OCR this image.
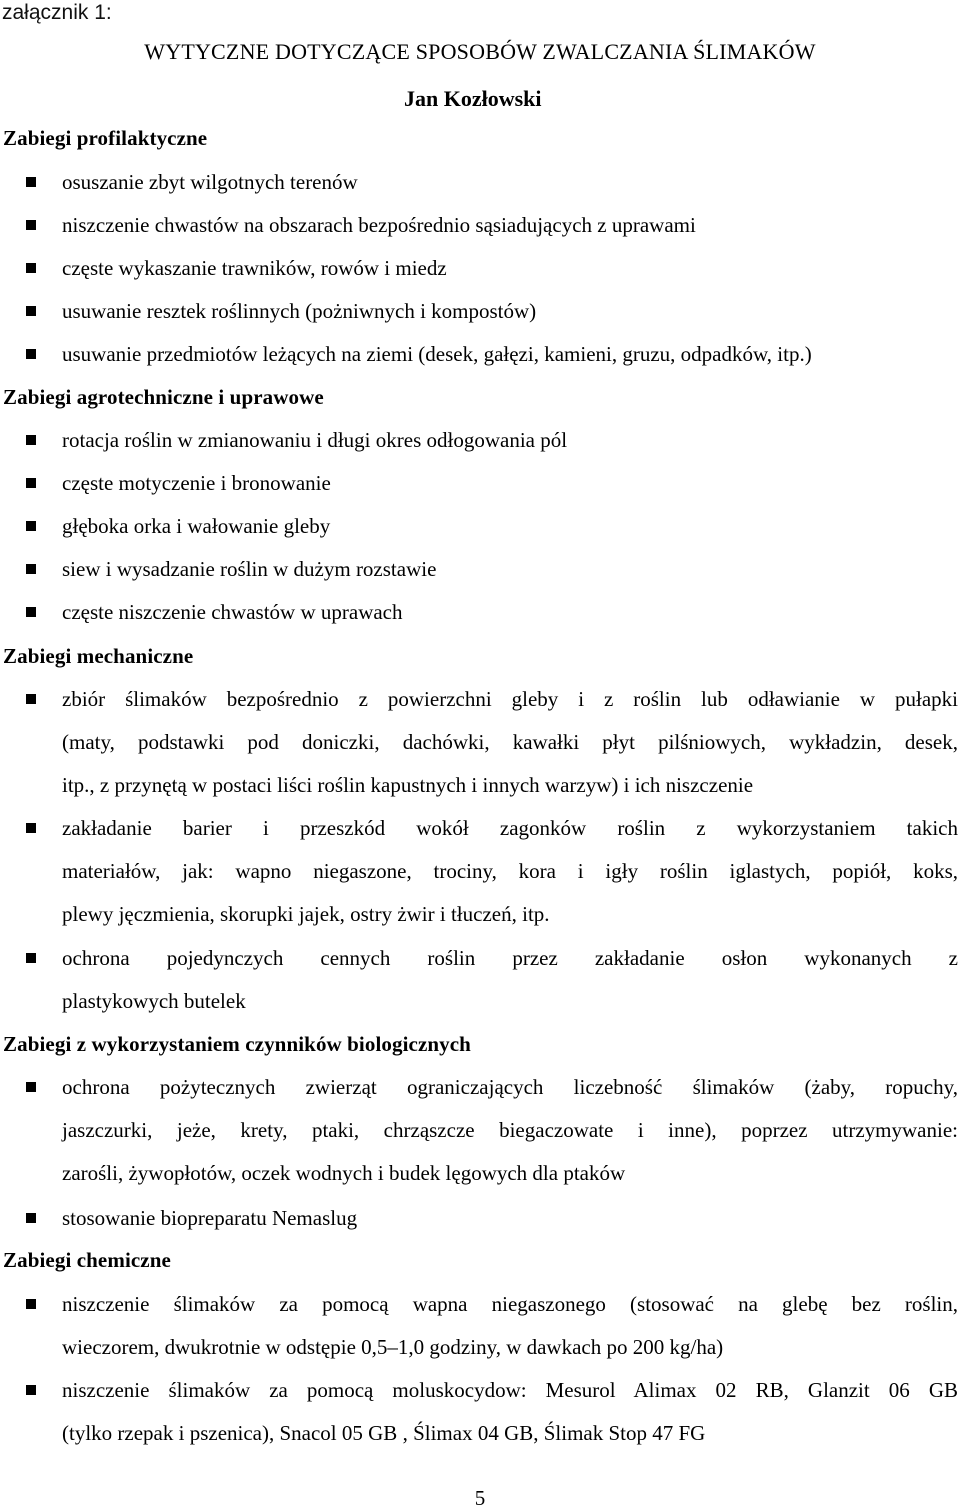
załącznik 1:
WYTYCZNE DOTYCZĄCE SPOSOBÓW ZWALCZANIA ŚLIMAKÓW
Jan Kozłowski
Zabiegi profilaktyczne
osuszanie zbyt wilgotnych terenów
niszczenie chwastów na obszarach bezpośrednio sąsiadujących z uprawami
częste wykaszanie trawników, rowów i miedz
usuwanie resztek roślinnych (pożniwnych i kompostów)
usuwanie przedmiotów leżących na ziemi (desek, gałęzi, kamieni, gruzu, odpadków, itp.)
Zabiegi agrotechniczne i uprawowe
rotacja roślin w zmianowaniu i długi okres odłogowania pól
częste motyczenie i bronowanie
głęboka orka i wałowanie gleby
siew i wysadzanie roślin w dużym rozstawie
częste niszczenie chwastów w uprawach
Zabiegi mechaniczne
zbiór ślimaków bezpośrednio z powierzchni gleby i z roślin lub odławianie w pułapki
(maty, podstawki pod doniczki, dachówki, kawałki płyt pilśniowych, wykładzin, desek,
itp., z przynętą w postaci liści roślin kapustnych i innych warzyw) i ich niszczenie
zakładanie barier i przeszkód wokół zagonków roślin z wykorzystaniem takich
materiałów, jak: wapno niegaszone, trociny, kora i igły roślin iglastych, popiół, koks,
plewy jęczmienia, skorupki jajek, ostry żwir i tłuczeń, itp.
ochrona pojedynczych cennych roślin przez zakładanie osłon wykonanych z
plastykowych butelek
Zabiegi z wykorzystaniem czynników biologicznych
ochrona pożytecznych zwierząt ograniczających liczebność ślimaków (żaby, ropuchy,
jaszczurki, jeże, krety, ptaki, chrząszcze biegaczowate i inne), poprzez utrzymywanie:
zarośli, żywopłotów, oczek wodnych i budek lęgowych dla ptaków
stosowanie biopreparatu Nemaslug
Zabiegi chemiczne
niszczenie ślimaków za pomocą wapna niegaszonego (stosować na glebę bez roślin,
wieczorem, dwukrotnie w odstępie 0,5–1,0 godziny, w dawkach po 200 kg/ha)
niszczenie ślimaków za pomocą moluskocydow: Mesurol Alimax 02 RB, Glanzit 06 GB
(tylko rzepak i pszenica), Snacol 05 GB , Ślimax 04 GB, Ślimak Stop 47 FG
5
